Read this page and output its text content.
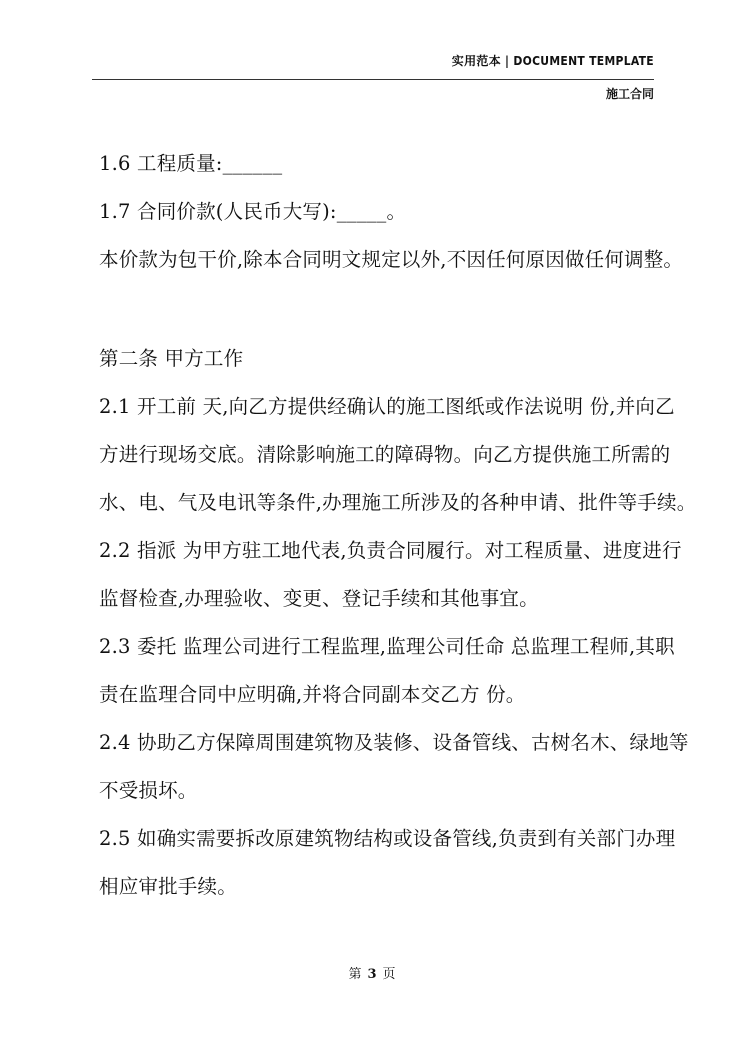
实用范本 | DOCUMENT TEMPLATE
施工合同
1.6 工程质量:______
1.7 合同价款(人民币大写):_____。
本价款为包干价,除本合同明文规定以外,不因任何原因做任何调整。
第二条 甲方工作
2.1 开工前 天,向乙方提供经确认的施工图纸或作法说明 份,并向乙
方进行现场交底。清除影响施工的障碍物。向乙方提供施工所需的
水、电、气及电讯等条件,办理施工所涉及的各种申请、批件等手续。
2.2 指派 为甲方驻工地代表,负责合同履行。对工程质量、进度进行
监督检查,办理验收、变更、登记手续和其他事宜。
2.3 委托 监理公司进行工程监理,监理公司任命 总监理工程师,其职
责在监理合同中应明确,并将合同副本交乙方 份。
2.4 协助乙方保障周围建筑物及装修、设备管线、古树名木、绿地等
不受损坏。
2.5 如确实需要拆改原建筑物结构或设备管线,负责到有关部门办理
相应审批手续。
第 3 页
